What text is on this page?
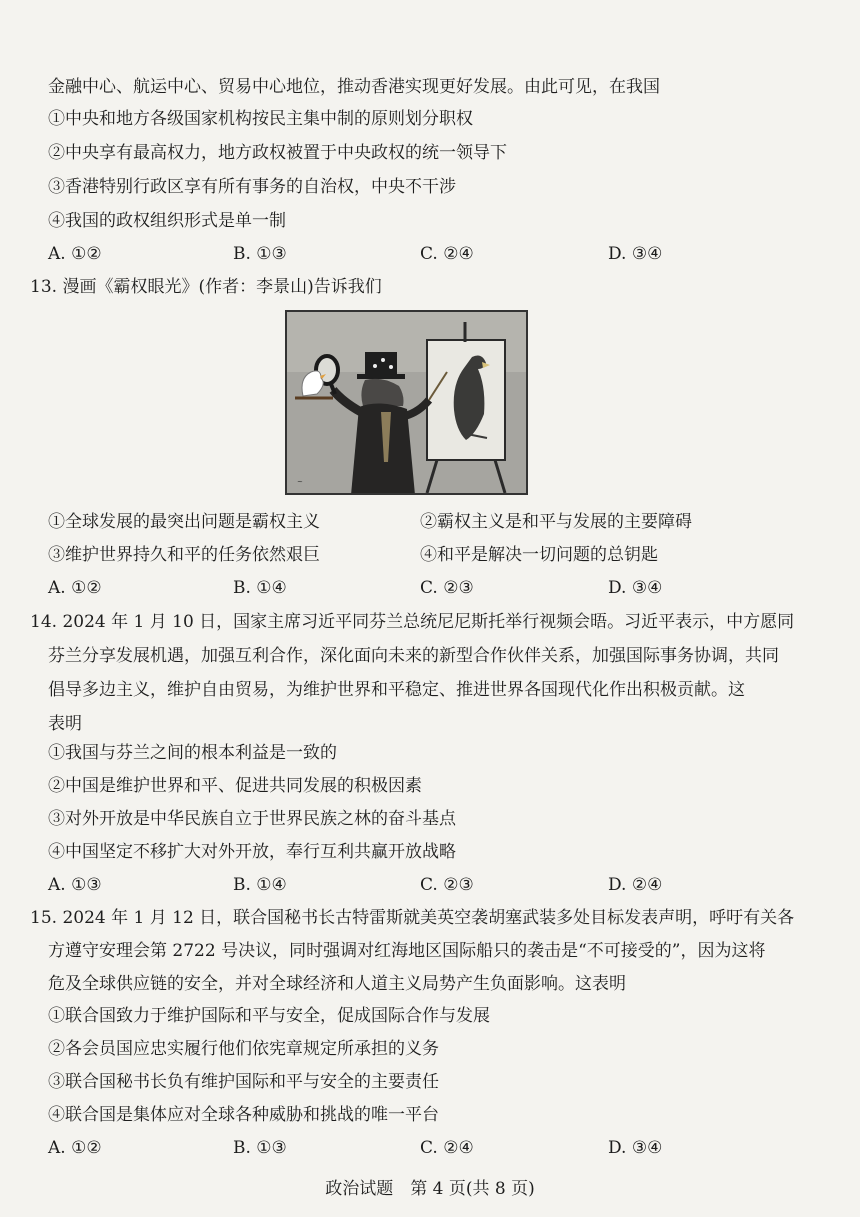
金融中心、航运中心、贸易中心地位，推动香港实现更好发展。由此可见，在我国
①中央和地方各级国家机构按民主集中制的原则划分职权
②中央享有最高权力，地方政权被置于中央政权的统一领导下
③香港特别行政区享有所有事务的自治权，中央不干涉
④我国的政权组织形式是单一制
A. ①②	B. ①③	C. ②④	D. ③④
13. 漫画《霸权眼光》(作者：李景山)告诉我们
~
①全球发展的最突出问题是霸权主义	②霸权主义是和平与发展的主要障碍
③维护世界持久和平的任务依然艰巨	④和平是解决一切问题的总钥匙
A. ①②	B. ①④	C. ②③	D. ③④
14. 2024 年 1 月 10 日，国家主席习近平同芬兰总统尼尼斯托举行视频会晤。习近平表示，中方愿同
芬兰分享发展机遇，加强互利合作，深化面向未来的新型合作伙伴关系，加强国际事务协调，共同
倡导多边主义，维护自由贸易，为维护世界和平稳定、推进世界各国现代化作出积极贡献。这
表明
①我国与芬兰之间的根本利益是一致的
②中国是维护世界和平、促进共同发展的积极因素
③对外开放是中华民族自立于世界民族之林的奋斗基点
④中国坚定不移扩大对外开放，奉行互利共赢开放战略
A. ①③	B. ①④	C. ②③	D. ②④
15. 2024 年 1 月 12 日，联合国秘书长古特雷斯就美英空袭胡塞武装多处目标发表声明，呼吁有关各
方遵守安理会第 2722 号决议，同时强调对红海地区国际船只的袭击是“不可接受的”，因为这将
危及全球供应链的安全，并对全球经济和人道主义局势产生负面影响。这表明
①联合国致力于维护国际和平与安全，促成国际合作与发展
②各会员国应忠实履行他们依宪章规定所承担的义务
③联合国秘书长负有维护国际和平与安全的主要责任
④联合国是集体应对全球各种威胁和挑战的唯一平台
A. ①②	B. ①③	C. ②④	D. ③④
政治试题　第 4 页(共 8 页)
